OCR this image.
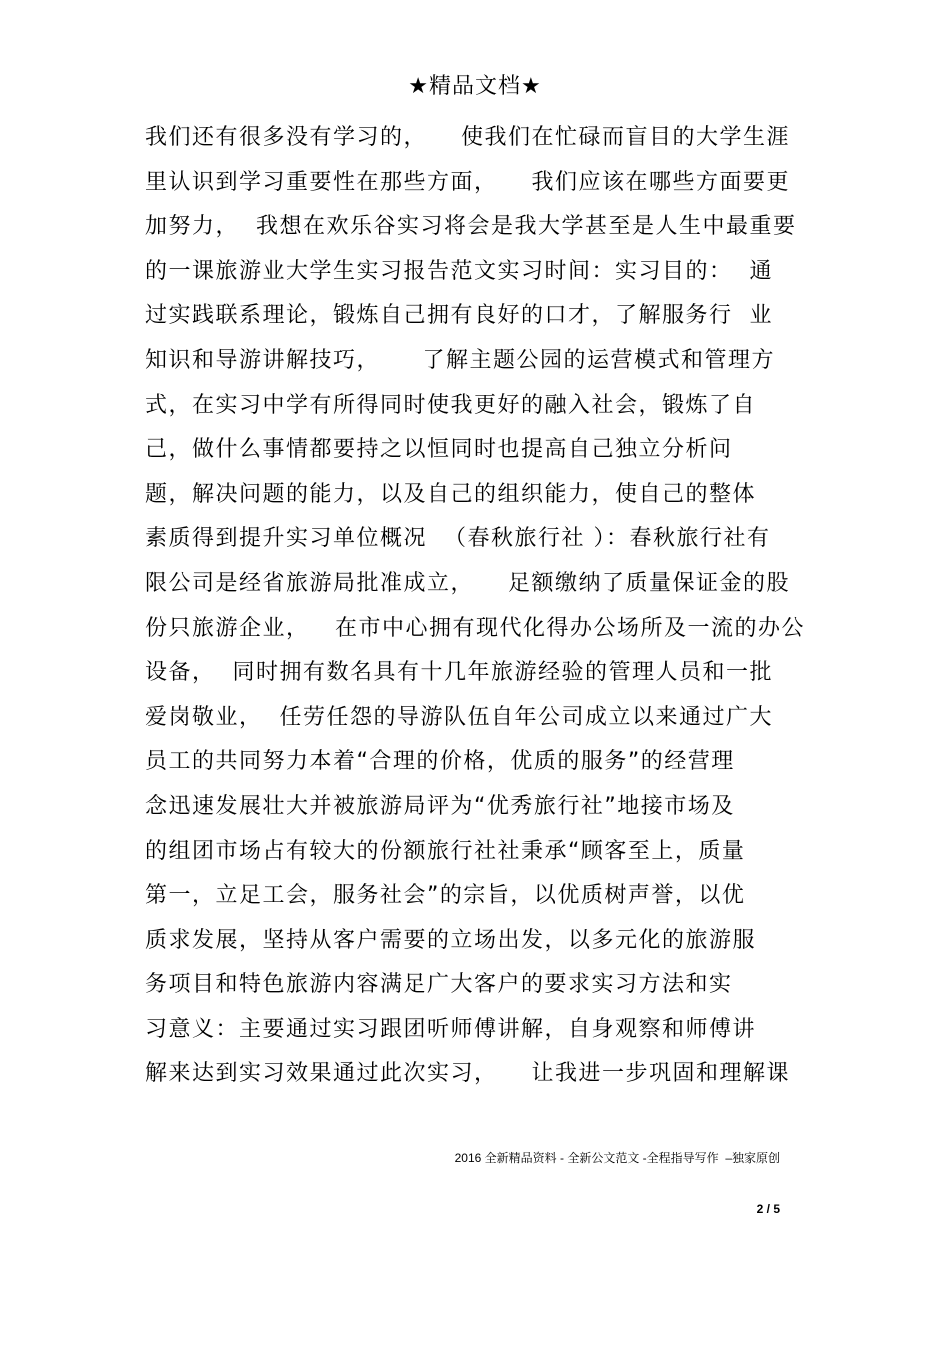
★精品文档★
我们还有很多没有学习的，    使我们在忙碌而盲目的大学生涯
里认识到学习重要性在那些方面，    我们应该在哪些方面要更
加努力，  我想在欢乐谷实习将会是我大学甚至是人生中最重要
的一课旅游业大学生实习报告范文实习时间：实习目的：  通
过实践联系理论，锻炼自己拥有良好的口才，了解服务行  业
知识和导游讲解技巧，     了解主题公园的运营模式和管理方
式，在实习中学有所得同时使我更好的融入社会，锻炼了自
己，做什么事情都要持之以恒同时也提高自己独立分析问
题，解决问题的能力，以及自己的组织能力，使自己的整体
素质得到提升实习单位概况  （春秋旅行社 ）：春秋旅行社有
限公司是经省旅游局批准成立，    足额缴纳了质量保证金的股
份只旅游企业，   在市中心拥有现代化得办公场所及一流的办公
设备，  同时拥有数名具有十几年旅游经验的管理人员和一批
爱岗敬业，  任劳任怨的导游队伍自年公司成立以来通过广大
员工的共同努力本着“合理的价格，优质的服务”的经营理
念迅速发展壮大并被旅游局评为“优秀旅行社”地接市场及
的组团市场占有较大的份额旅行社社秉承“顾客至上，质量
第一，立足工会，服务社会”的宗旨，以优质树声誉，以优
质求发展，坚持从客户需要的立场出发，以多元化的旅游服
务项目和特色旅游内容满足广大客户的要求实习方法和实
习意义：主要通过实习跟团听师傅讲解，自身观察和师傅讲
解来达到实习效果通过此次实习，    让我进一步巩固和理解课

2016 全新精品资料 - 全新公文范文 -全程指导写作  –独家原创

2 / 5
